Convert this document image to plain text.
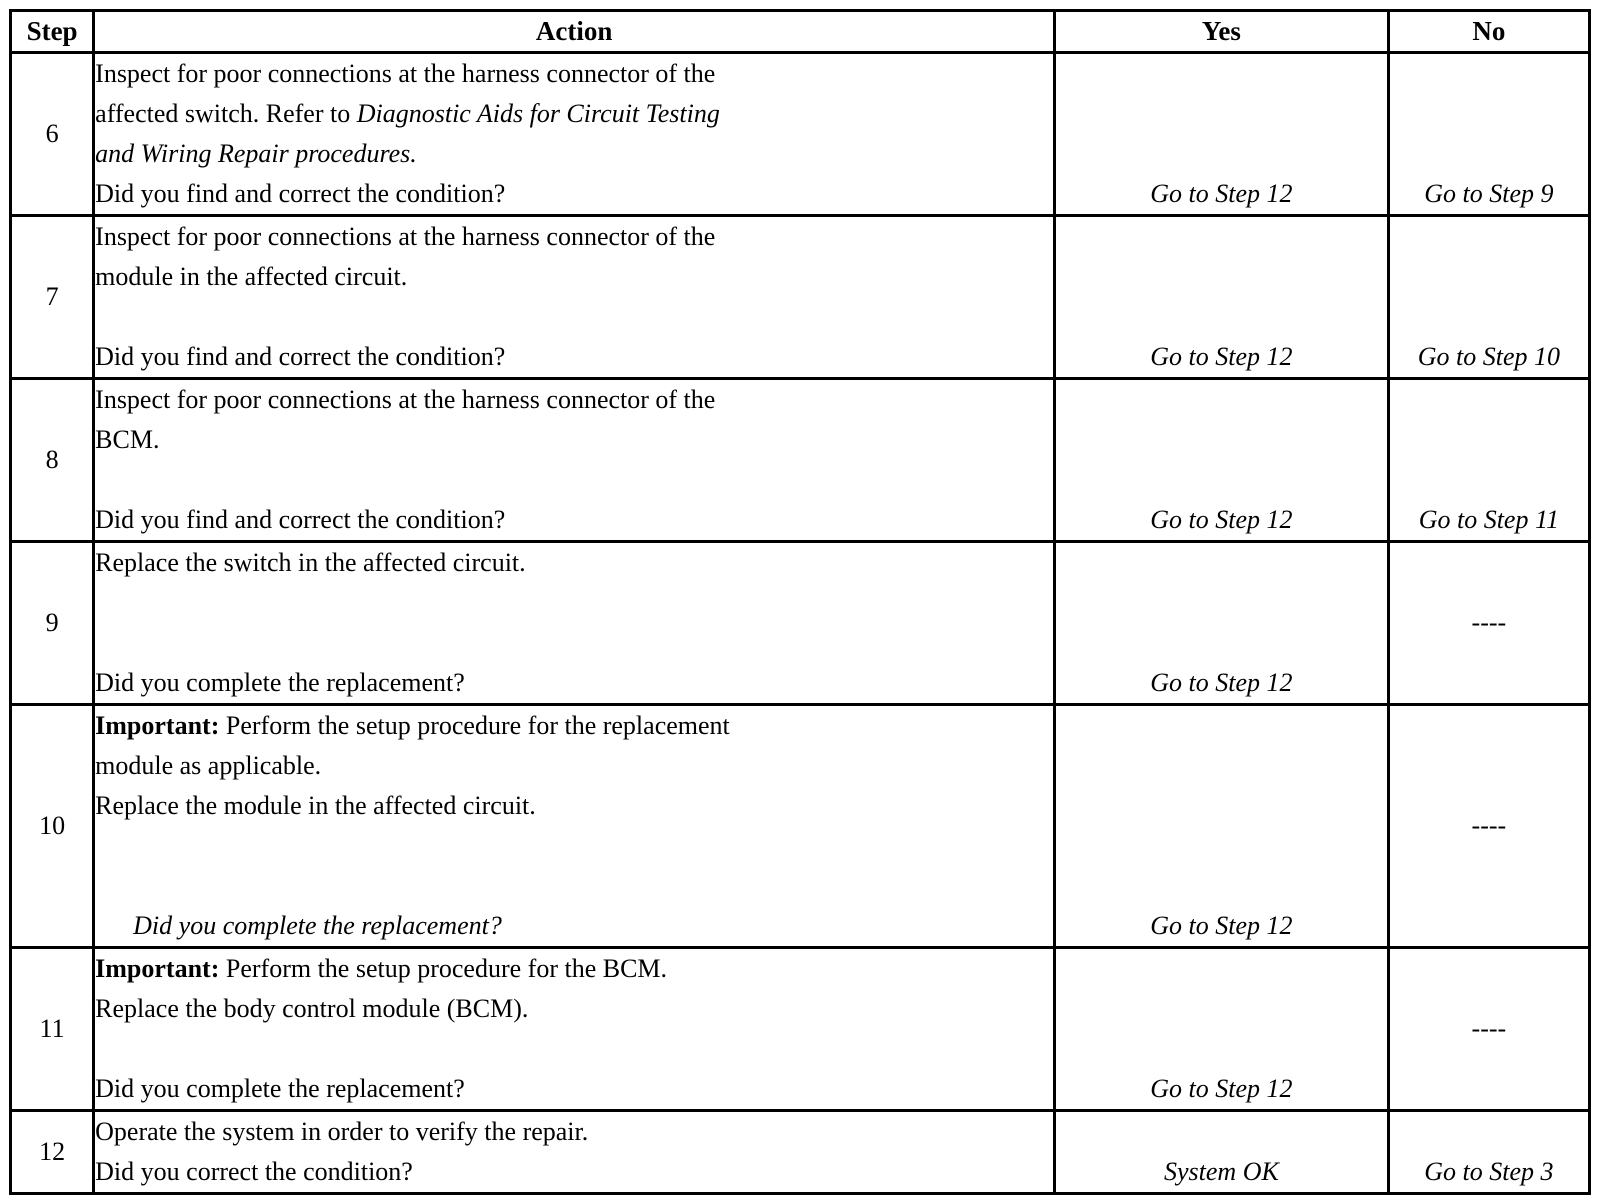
Step	Action	Yes	No
6	Inspect for poor connections at the harness connector of the
affected switch. Refer to Diagnostic Aids for Circuit Testing
and Wiring Repair procedures.
Did you find and correct the condition?	Go to Step 12	Go to Step 9
7	Inspect for poor connections at the harness connector of the
module in the affected circuit.
Did you find and correct the condition?	Go to Step 12	Go to Step 10
8	Inspect for poor connections at the harness connector of the
BCM.
Did you find and correct the condition?	Go to Step 12	Go to Step 11
9	Replace the switch in the affected circuit.
Did you complete the replacement?	Go to Step 12	----
10	Important: Perform the setup procedure for the replacement
module as applicable.
Replace the module in the affected circuit.
Did you complete the replacement?	Go to Step 12	----
11	Important: Perform the setup procedure for the BCM.
Replace the body control module (BCM).
Did you complete the replacement?	Go to Step 12	----
12	Operate the system in order to verify the repair.
Did you correct the condition?	System OK	Go to Step 3
